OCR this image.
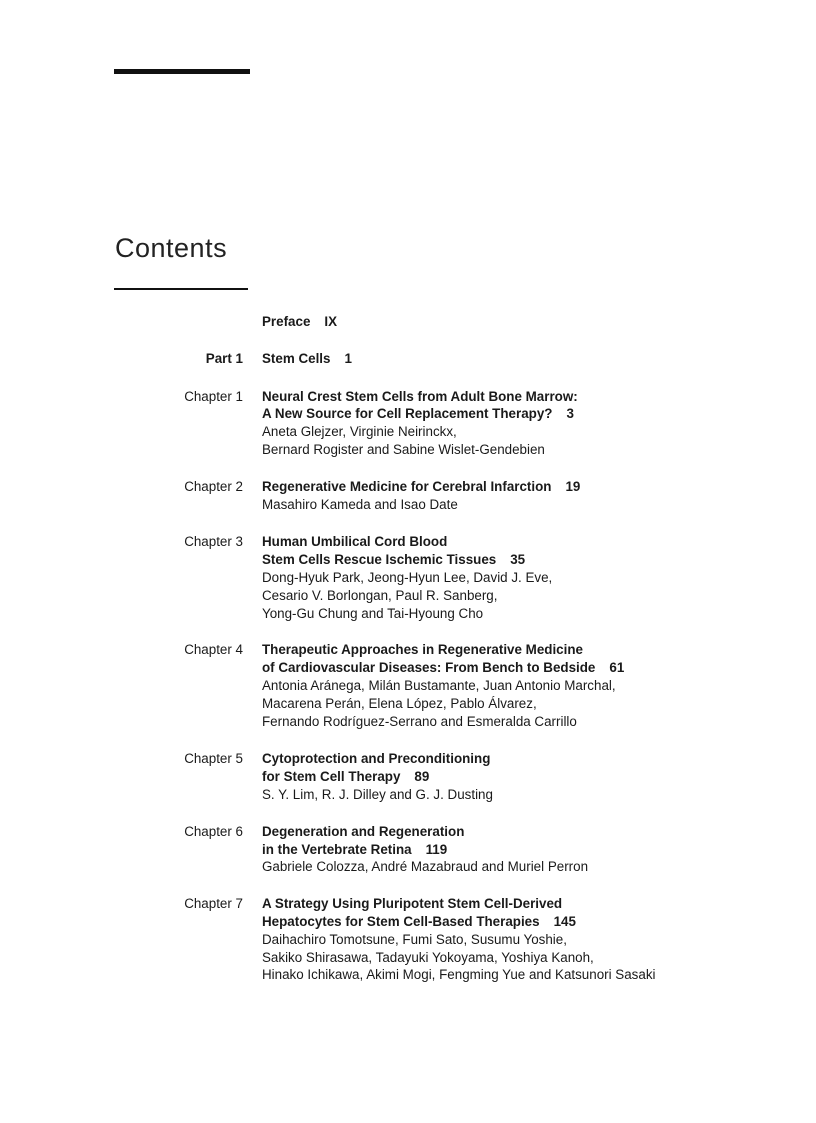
Contents
Preface IX
Part 1 Stem Cells 1
Chapter 1 Neural Crest Stem Cells from Adult Bone Marrow:
A New Source for Cell Replacement Therapy? 3
Aneta Glejzer, Virginie Neirinckx,
Bernard Rogister and Sabine Wislet-Gendebien
Chapter 2 Regenerative Medicine for Cerebral Infarction 19
Masahiro Kameda and Isao Date
Chapter 3 Human Umbilical Cord Blood
Stem Cells Rescue Ischemic Tissues 35
Dong-Hyuk Park, Jeong-Hyun Lee, David J. Eve,
Cesario V. Borlongan, Paul R. Sanberg,
Yong-Gu Chung and Tai-Hyoung Cho
Chapter 4 Therapeutic Approaches in Regenerative Medicine
of Cardiovascular Diseases: From Bench to Bedside 61
Antonia Aránega, Milán Bustamante, Juan Antonio Marchal,
Macarena Perán, Elena López, Pablo Álvarez,
Fernando Rodríguez-Serrano and Esmeralda Carrillo
Chapter 5 Cytoprotection and Preconditioning
for Stem Cell Therapy 89
S. Y. Lim, R. J. Dilley and G. J. Dusting
Chapter 6 Degeneration and Regeneration
in the Vertebrate Retina 119
Gabriele Colozza, André Mazabraud and Muriel Perron
Chapter 7 A Strategy Using Pluripotent Stem Cell-Derived
Hepatocytes for Stem Cell-Based Therapies 145
Daihachiro Tomotsune, Fumi Sato, Susumu Yoshie,
Sakiko Shirasawa, Tadayuki Yokoyama, Yoshiya Kanoh,
Hinako Ichikawa, Akimi Mogi, Fengming Yue and Katsunori Sasaki
